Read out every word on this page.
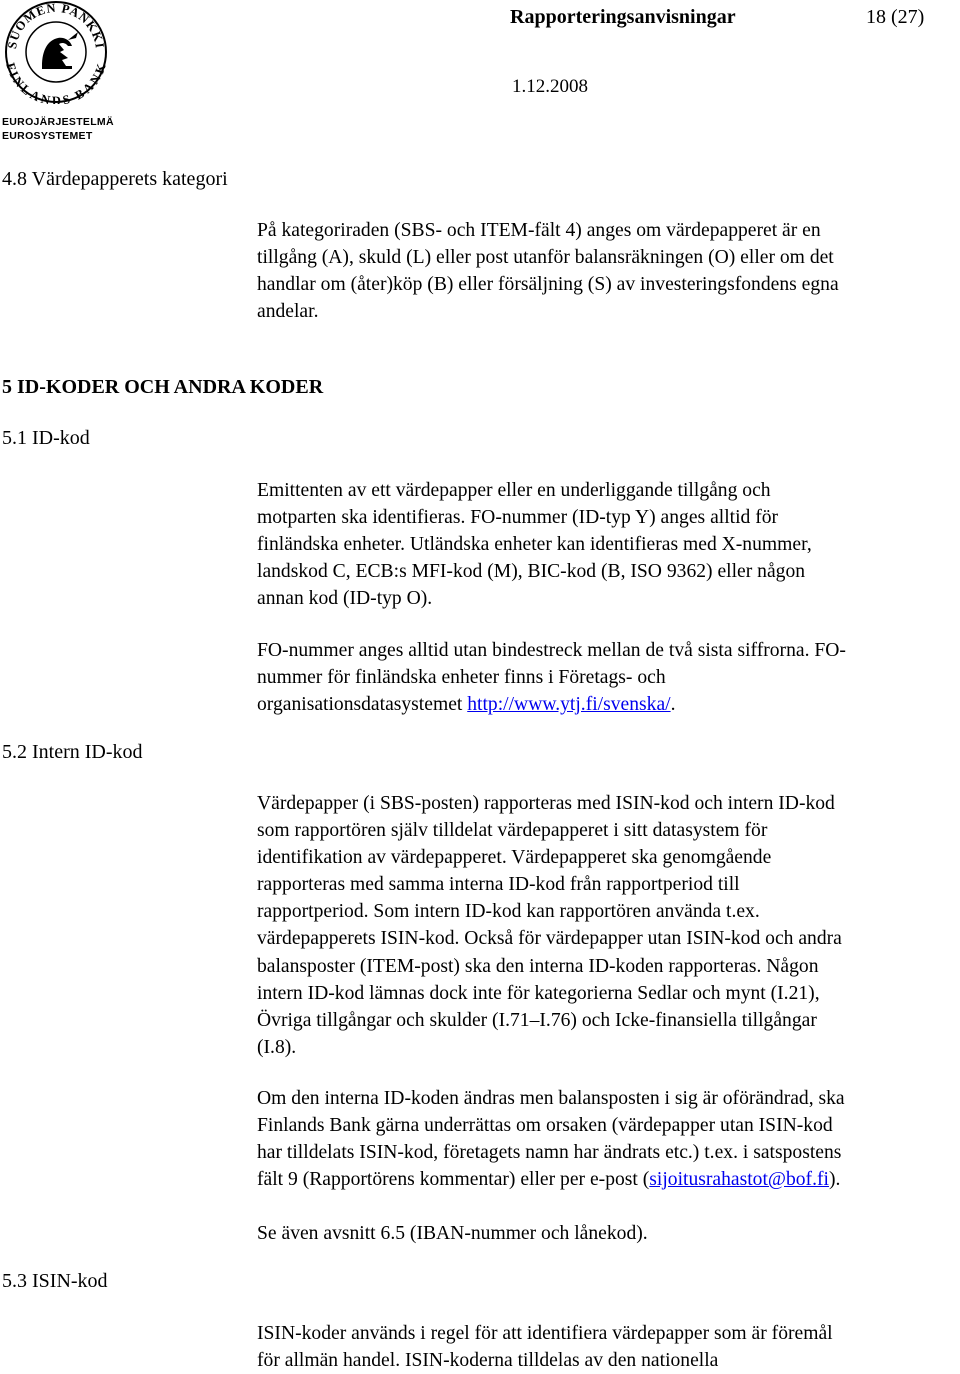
SUOMEN PANKKI
FINLANDS BANK
EUROJÄRJESTELMÄ
EUROSYSTEMET
Rapporteringsanvisningar	18 (27)
1.12.2008
4.8 Värdepapperets kategori
På kategoriraden (SBS- och ITEM-fält 4) anges om värdepapperet är en
tillgång (A), skuld (L) eller post utanför balansräkningen (O) eller om det
handlar om (åter)köp (B) eller försäljning (S) av investeringsfondens egna
andelar.
5 ID-KODER OCH ANDRA KODER
5.1 ID-kod
Emittenten av ett värdepapper eller en underliggande tillgång och
motparten ska identifieras. FO-nummer (ID-typ Y) anges alltid för
finländska enheter. Utländska enheter kan identifieras med X-nummer,
landskod C, ECB:s MFI-kod (M), BIC-kod (B, ISO 9362) eller någon
annan kod (ID-typ O).
FO-nummer anges alltid utan bindestreck mellan de två sista siffrorna. FO-
nummer för finländska enheter finns i Företags- och
organisationsdatasystemet http://www.ytj.fi/svenska/.
5.2 Intern ID-kod
Värdepapper (i SBS-posten) rapporteras med ISIN-kod och intern ID-kod
som rapportören själv tilldelat värdepapperet i sitt datasystem för
identifikation av värdepapperet. Värdepapperet ska genomgående
rapporteras med samma interna ID-kod från rapportperiod till
rapportperiod. Som intern ID-kod kan rapportören använda t.ex.
värdepapperets ISIN-kod. Också för värdepapper utan ISIN-kod och andra
balansposter (ITEM-post) ska den interna ID-koden rapporteras. Någon
intern ID-kod lämnas dock inte för kategorierna Sedlar och mynt (I.21),
Övriga tillgångar och skulder (I.71–I.76) och Icke-finansiella tillgångar
(I.8).
Om den interna ID-koden ändras men balansposten i sig är oförändrad, ska
Finlands Bank gärna underrättas om orsaken (värdepapper utan ISIN-kod
har tilldelats ISIN-kod, företagets namn har ändrats etc.) t.ex. i satspostens
fält 9 (Rapportörens kommentar) eller per e-post (sijoitusrahastot@bof.fi).
Se även avsnitt 6.5 (IBAN-nummer och lånekod).
5.3 ISIN-kod
ISIN-koder används i regel för att identifiera värdepapper som är föremål
för allmän handel. ISIN-koderna tilldelas av den nationella
